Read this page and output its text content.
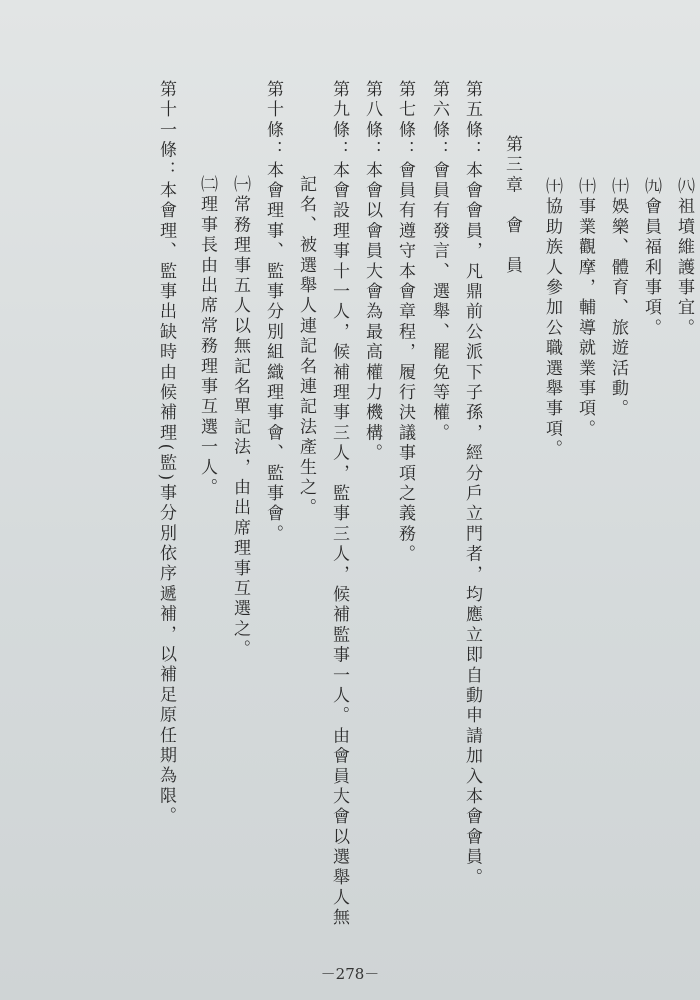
㈧祖墳維護事宜。
㈨會員福利事項。
㈩娛樂、體育、旅遊活動。
㈩事業觀摩，輔導就業事項。
㈩協助族人參加公職選舉事項。
第三章　會　員
第五條：本會會員，凡鼎前公派下子孫，經分戶立門者，均應立即自動申請加入本會會員。
第六條：會員有發言、選舉、罷免等權。
第七條：會員有遵守本會章程，履行決議事項之義務。
第八條：本會以會員大會為最高權力機構。
第九條：本會設理事十一人，候補理事三人，監事三人，候補監事一人。由會員大會以選舉人無
記名、被選舉人連記名連記法產生之。
第十條：本會理事、監事分別組織理事會、監事會。
㈠常務理事五人以無記名單記法，由出席理事互選之。
㈡理事長由出席常務理事互選一人。
第十一條：本會理、監事出缺時由候補理(監)事分別依序遞補，以補足原任期為限。
－278－
